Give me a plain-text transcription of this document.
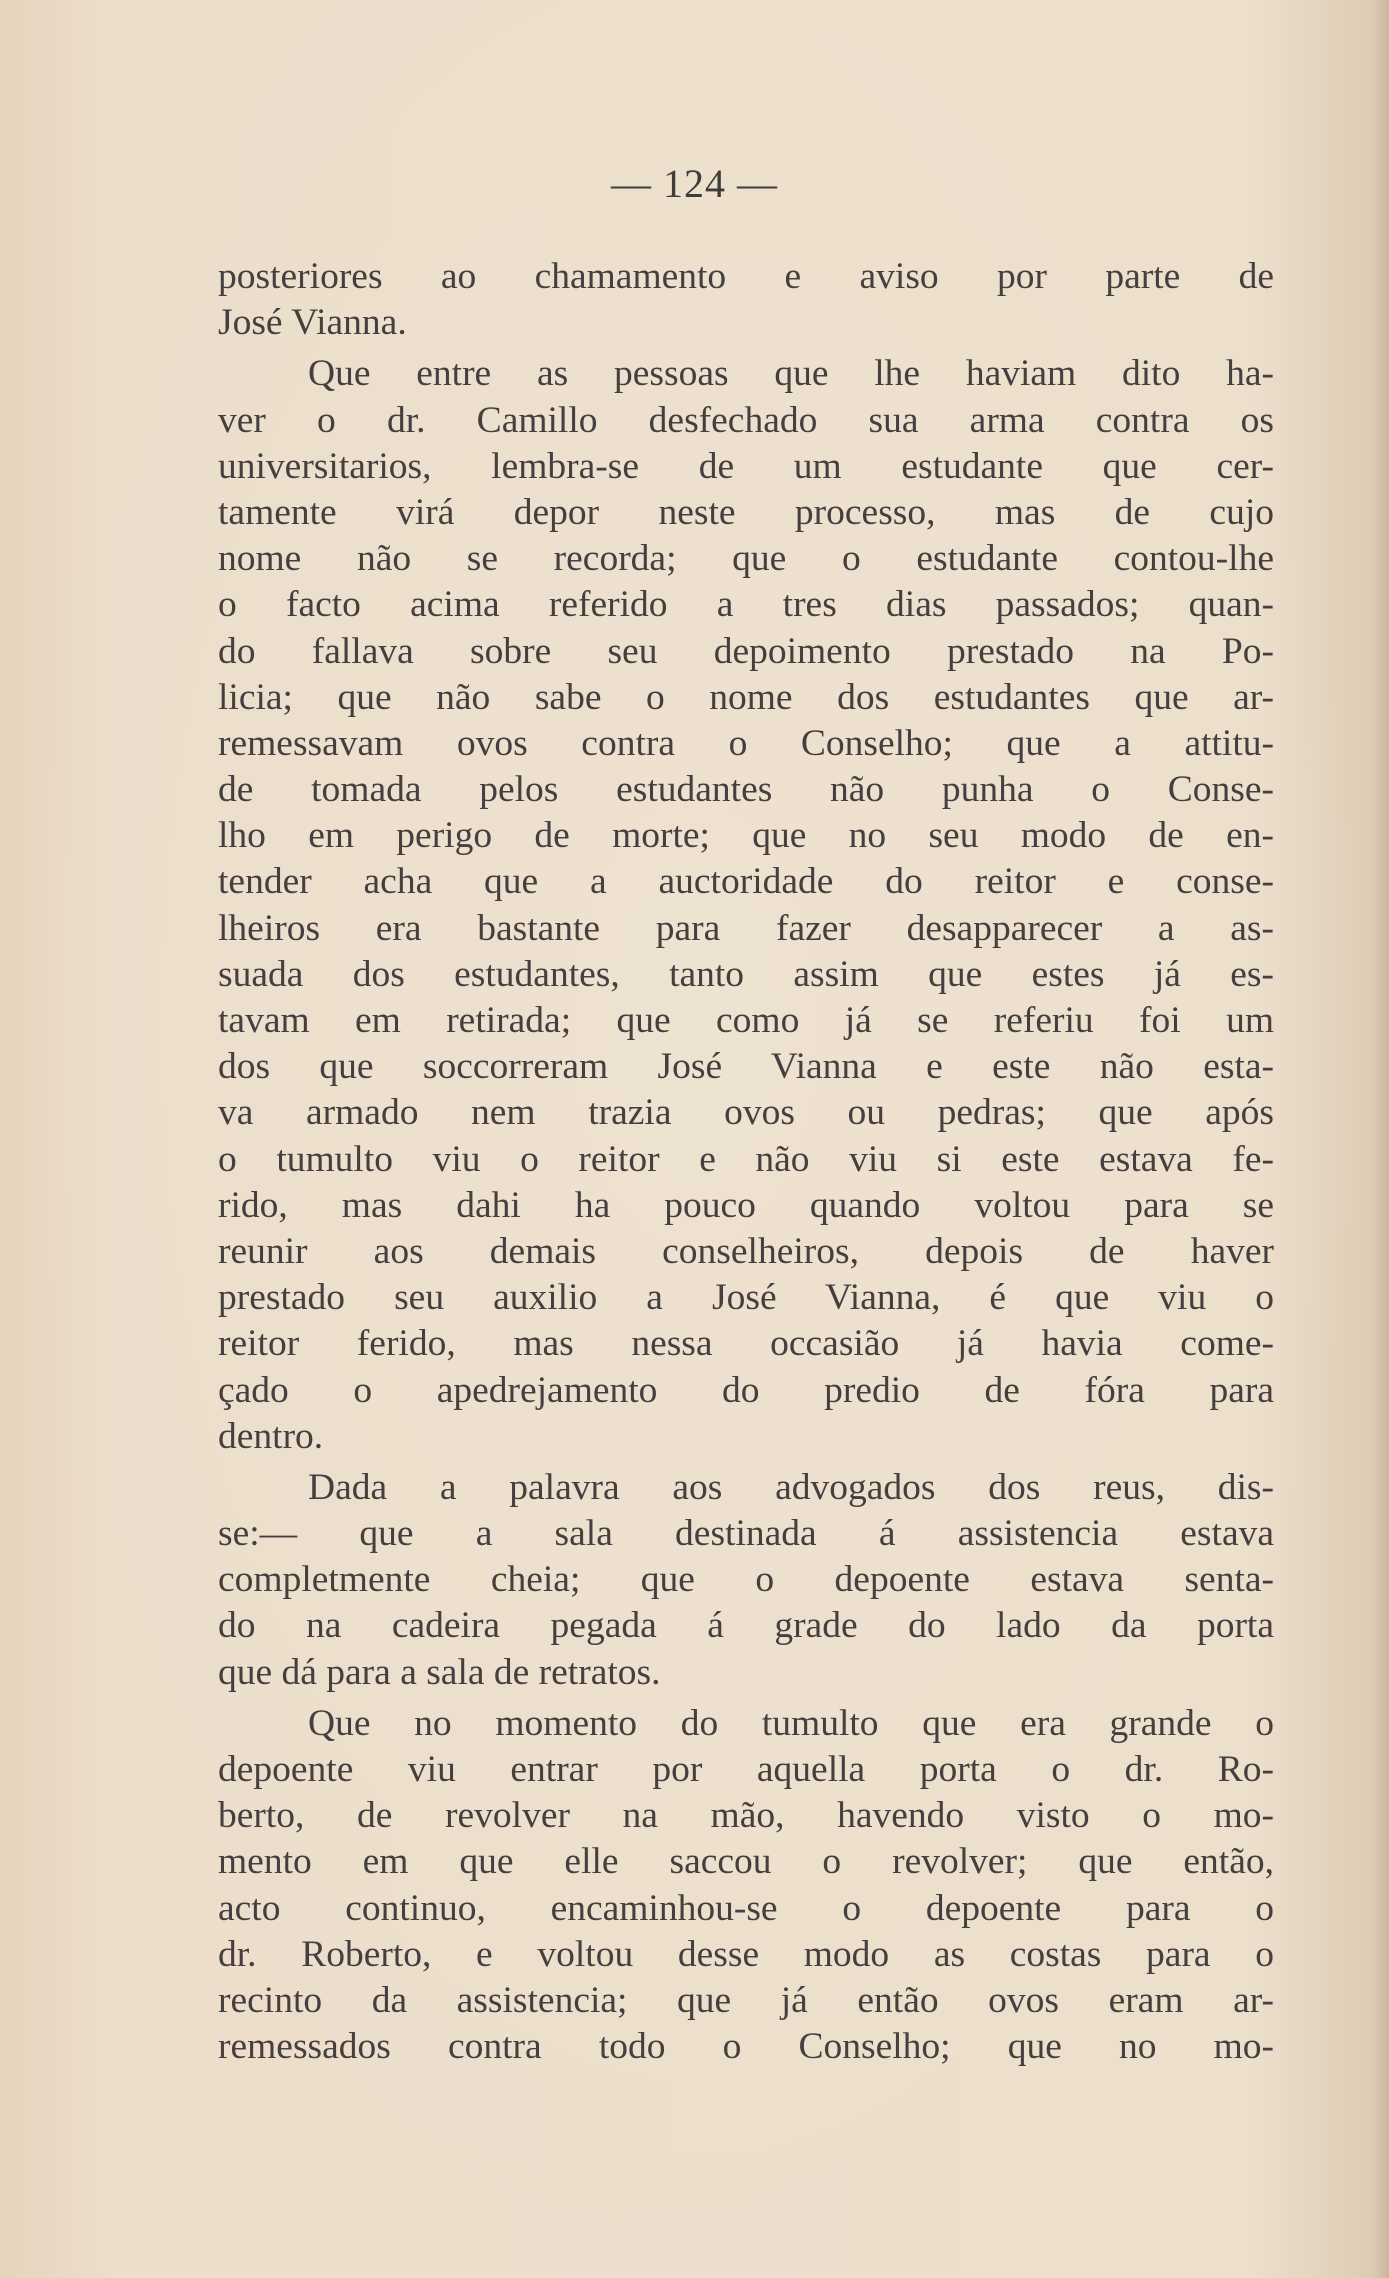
— 124 —
posteriores ao chamamento e aviso por parte de
José Vianna.
Que entre as pessoas que lhe haviam dito ha-
ver o dr. Camillo desfechado sua arma contra os
universitarios, lembra-se de um estudante que cer-
tamente virá depor neste processo, mas de cujo
nome não se recorda; que o estudante contou-lhe
o facto acima referido a tres dias passados; quan-
do fallava sobre seu depoimento prestado na Po-
licia; que não sabe o nome dos estudantes que ar-
remessavam ovos contra o Conselho; que a attitu-
de tomada pelos estudantes não punha o Conse-
lho em perigo de morte; que no seu modo de en-
tender acha que a auctoridade do reitor e conse-
lheiros era bastante para fazer desapparecer a as-
suada dos estudantes, tanto assim que estes já es-
tavam em retirada; que como já se referiu foi um
dos que soccorreram José Vianna e este não esta-
va armado nem trazia ovos ou pedras; que após
o tumulto viu o reitor e não viu si este estava fe-
rido, mas dahi ha pouco quando voltou para se
reunir aos demais conselheiros, depois de haver
prestado seu auxilio a José Vianna, é que viu o
reitor ferido, mas nessa occasião já havia come-
çado o apedrejamento do predio de fóra para
dentro.
Dada a palavra aos advogados dos reus, dis-
se:— que a sala destinada á assistencia estava
completmente cheia; que o depoente estava senta-
do na cadeira pegada á grade do lado da porta
que dá para a sala de retratos.
Que no momento do tumulto que era grande o
depoente viu entrar por aquella porta o dr. Ro-
berto, de revolver na mão, havendo visto o mo-
mento em que elle saccou o revolver; que então,
acto continuo, encaminhou-se o depoente para o
dr. Roberto, e voltou desse modo as costas para o
recinto da assistencia; que já então ovos eram ar-
remessados contra todo o Conselho; que no mo-
